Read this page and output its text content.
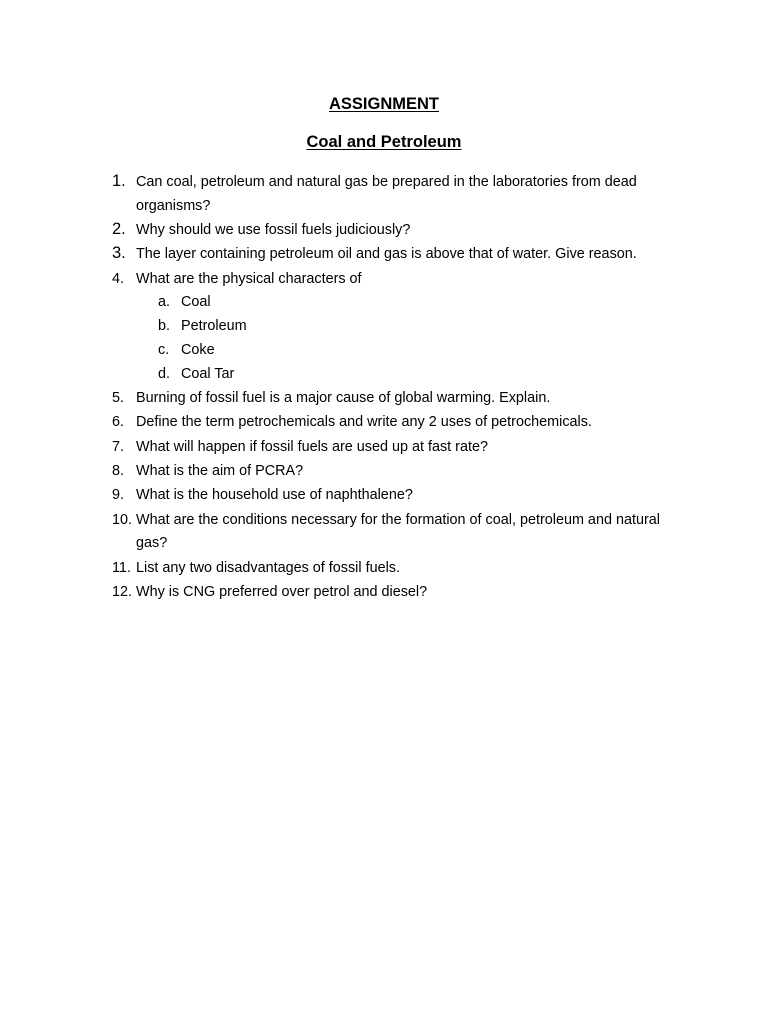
ASSIGNMENT
Coal and Petroleum
1. Can coal, petroleum and natural gas be prepared in the laboratories from dead organisms?
2. Why should we use fossil fuels judiciously?
3. The layer containing petroleum oil and gas is above that of water. Give reason.
4. What are the physical characters of
a. Coal
b. Petroleum
c. Coke
d. Coal Tar
5. Burning of fossil fuel is a major cause of global warming. Explain.
6. Define the term petrochemicals and write any 2 uses of petrochemicals.
7. What will happen if fossil fuels are used up at fast rate?
8. What is the aim of PCRA?
9. What is the household use of naphthalene?
10. What are the conditions necessary for the formation of coal, petroleum and natural gas?
11. List any two disadvantages of fossil fuels.
12. Why is CNG preferred over petrol and diesel?
